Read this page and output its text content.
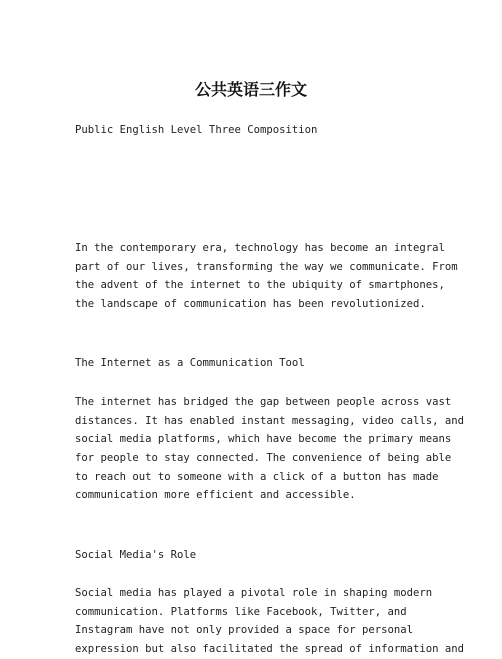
公共英语三作文
Public English Level Three Composition
In the contemporary era, technology has become an integral
part of our lives, transforming the way we communicate. From
the advent of the internet to the ubiquity of smartphones,
the landscape of communication has been revolutionized.
The Internet as a Communication Tool
The internet has bridged the gap between people across vast
distances. It has enabled instant messaging, video calls, and
social media platforms, which have become the primary means
for people to stay connected. The convenience of being able
to reach out to someone with a click of a button has made
communication more efficient and accessible.
Social Media's Role
Social media has played a pivotal role in shaping modern
communication. Platforms like Facebook, Twitter, and
Instagram have not only provided a space for personal
expression but also facilitated the spread of information and
